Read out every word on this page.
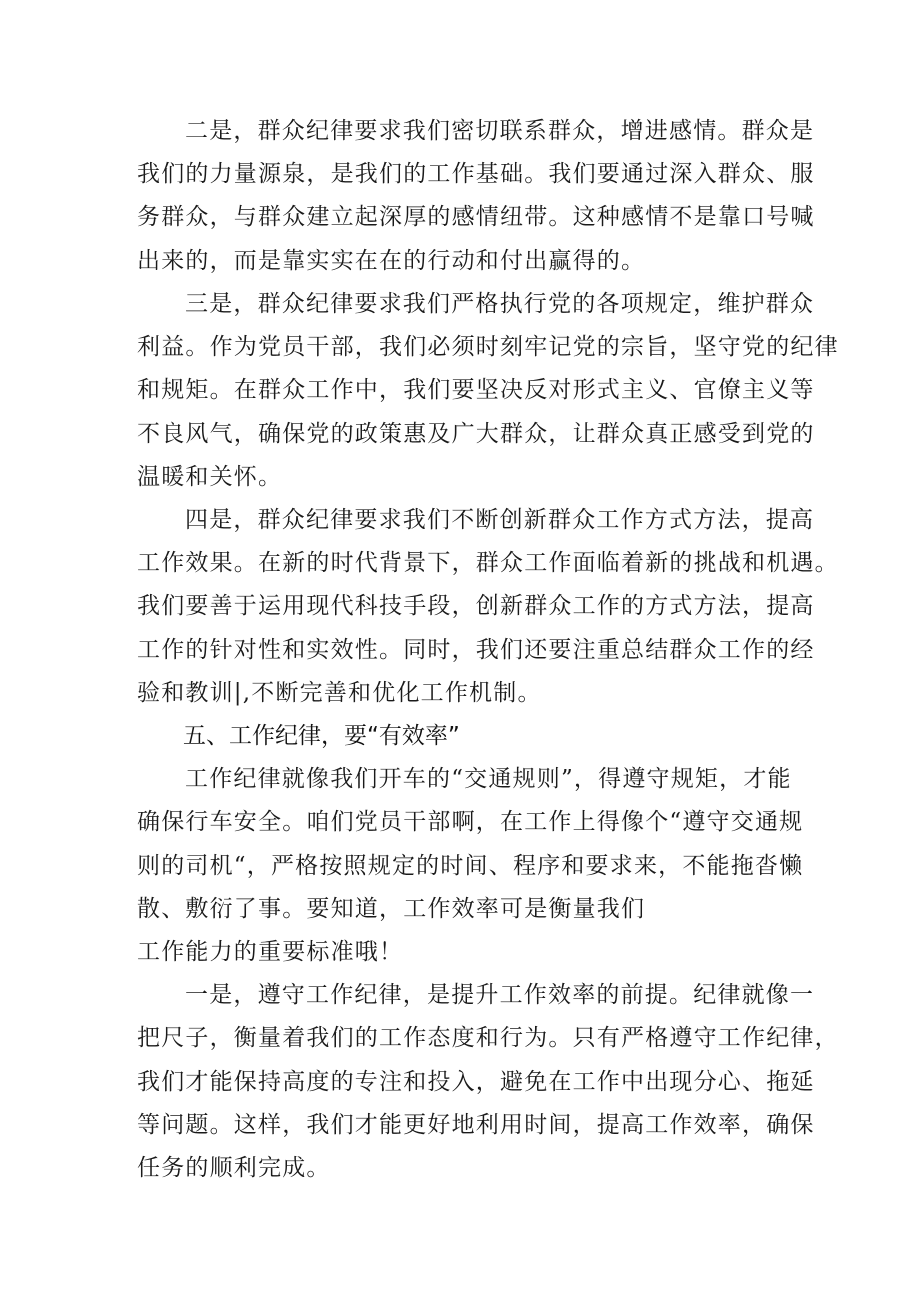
二是，群众纪律要求我们密切联系群众，增进感情。群众是
我们的力量源泉，是我们的工作基础。我们要通过深入群众、服
务群众，与群众建立起深厚的感情纽带。这种感情不是靠口号喊
出来的，而是靠实实在在的行动和付出赢得的。
三是，群众纪律要求我们严格执行党的各项规定，维护群众
利益。作为党员干部，我们必须时刻牢记党的宗旨，坚守党的纪律
和规矩。在群众工作中，我们要坚决反对形式主义、官僚主义等
不良风气，确保党的政策惠及广大群众，让群众真正感受到党的
温暖和关怀。
四是，群众纪律要求我们不断创新群众工作方式方法，提高
工作效果。在新的时代背景下，群众工作面临着新的挑战和机遇。
我们要善于运用现代科技手段，创新群众工作的方式方法，提高
工作的针对性和实效性。同时，我们还要注重总结群众工作的经
验和教训|,不断完善和优化工作机制。
五、工作纪律，要“有效率”
工作纪律就像我们开车的“交通规则”，得遵守规矩，才能
确保行车安全。咱们党员干部啊，在工作上得像个“遵守交通规
则的司机“，严格按照规定的时间、程序和要求来，不能拖沓懒
散、敷衍了事。要知道，工作效率可是衡量我们
工作能力的重要标准哦！
一是，遵守工作纪律，是提升工作效率的前提。纪律就像一
把尺子，衡量着我们的工作态度和行为。只有严格遵守工作纪律，
我们才能保持高度的专注和投入，避免在工作中出现分心、拖延
等问题。这样，我们才能更好地利用时间，提高工作效率，确保
任务的顺利完成。
